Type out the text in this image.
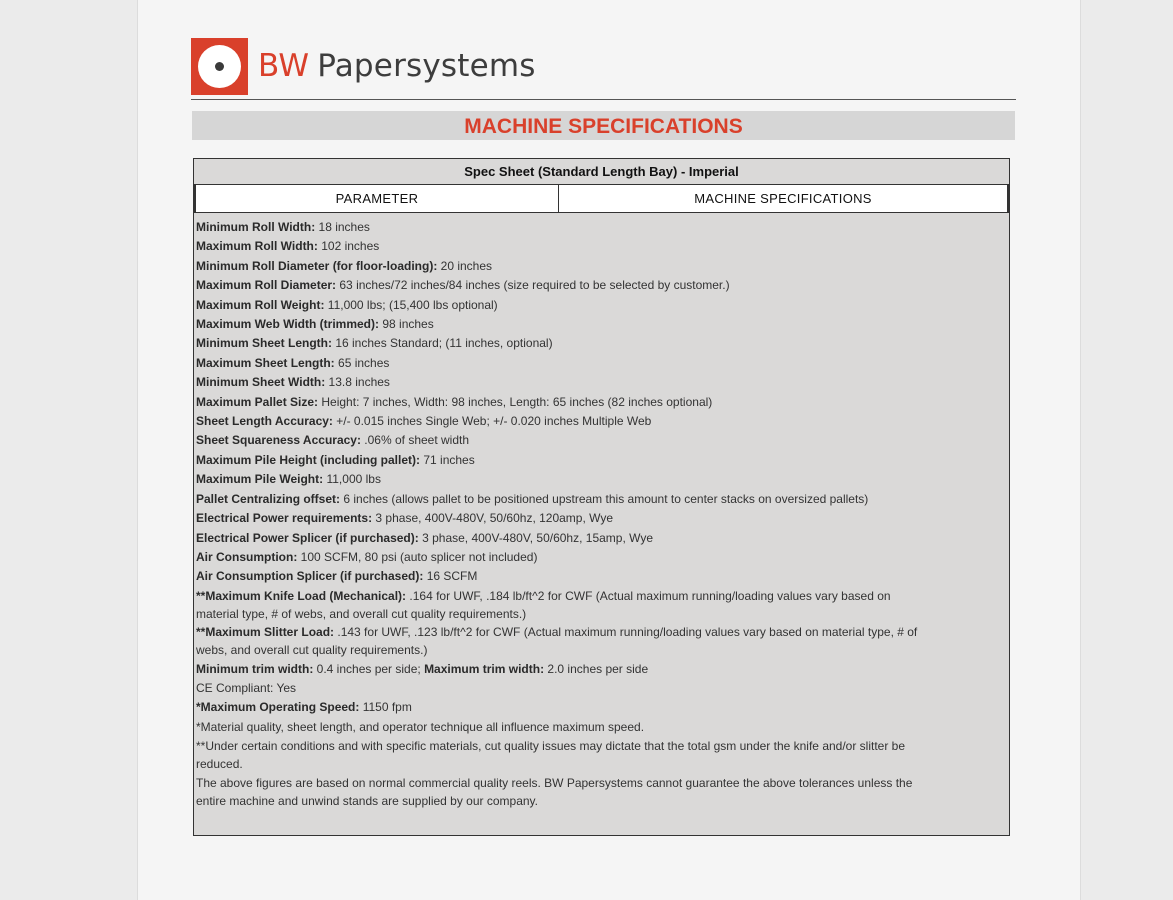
BW Papersystems
MACHINE SPECIFICATIONS
Spec Sheet (Standard Length Bay) - Imperial
PARAMETER	MACHINE SPECIFICATIONS
Minimum Roll Width: 18 inches
Maximum Roll Width: 102 inches
Minimum Roll Diameter (for floor-loading): 20 inches
Maximum Roll Diameter: 63 inches/72 inches/84 inches (size required to be selected by customer.)
Maximum Roll Weight: 11,000 lbs; (15,400 lbs optional)
Maximum Web Width (trimmed): 98 inches
Minimum Sheet Length: 16 inches Standard; (11 inches, optional)
Maximum Sheet Length: 65 inches
Minimum Sheet Width: 13.8 inches
Maximum Pallet Size: Height: 7 inches, Width: 98 inches, Length: 65 inches (82 inches optional)
Sheet Length Accuracy: +/- 0.015 inches Single Web; +/- 0.020 inches Multiple Web
Sheet Squareness Accuracy: .06% of sheet width
Maximum Pile Height (including pallet): 71 inches
Maximum Pile Weight: 11,000 lbs
Pallet Centralizing offset: 6 inches (allows pallet to be positioned upstream this amount to center stacks on oversized pallets)
Electrical Power requirements: 3 phase, 400V-480V, 50/60hz, 120amp, Wye
Electrical Power Splicer (if purchased): 3 phase, 400V-480V, 50/60hz, 15amp, Wye
Air Consumption: 100 SCFM, 80 psi (auto splicer not included)
Air Consumption Splicer (if purchased): 16 SCFM
**Maximum Knife Load (Mechanical): .164 for UWF, .184 lb/ft^2 for CWF (Actual maximum running/loading values vary based on material type, # of webs, and overall cut quality requirements.)
**Maximum Slitter Load: .143 for UWF, .123 lb/ft^2 for CWF (Actual maximum running/loading values vary based on material type, # of webs, and overall cut quality requirements.)
Minimum trim width: 0.4 inches per side; Maximum trim width: 2.0 inches per side
CE Compliant: Yes
*Maximum Operating Speed: 1150 fpm
*Material quality, sheet length, and operator technique all influence maximum speed.
**Under certain conditions and with specific materials, cut quality issues may dictate that the total gsm under the knife and/or slitter be reduced.
The above figures are based on normal commercial quality reels. BW Papersystems cannot guarantee the above tolerances unless the entire machine and unwind stands are supplied by our company.
